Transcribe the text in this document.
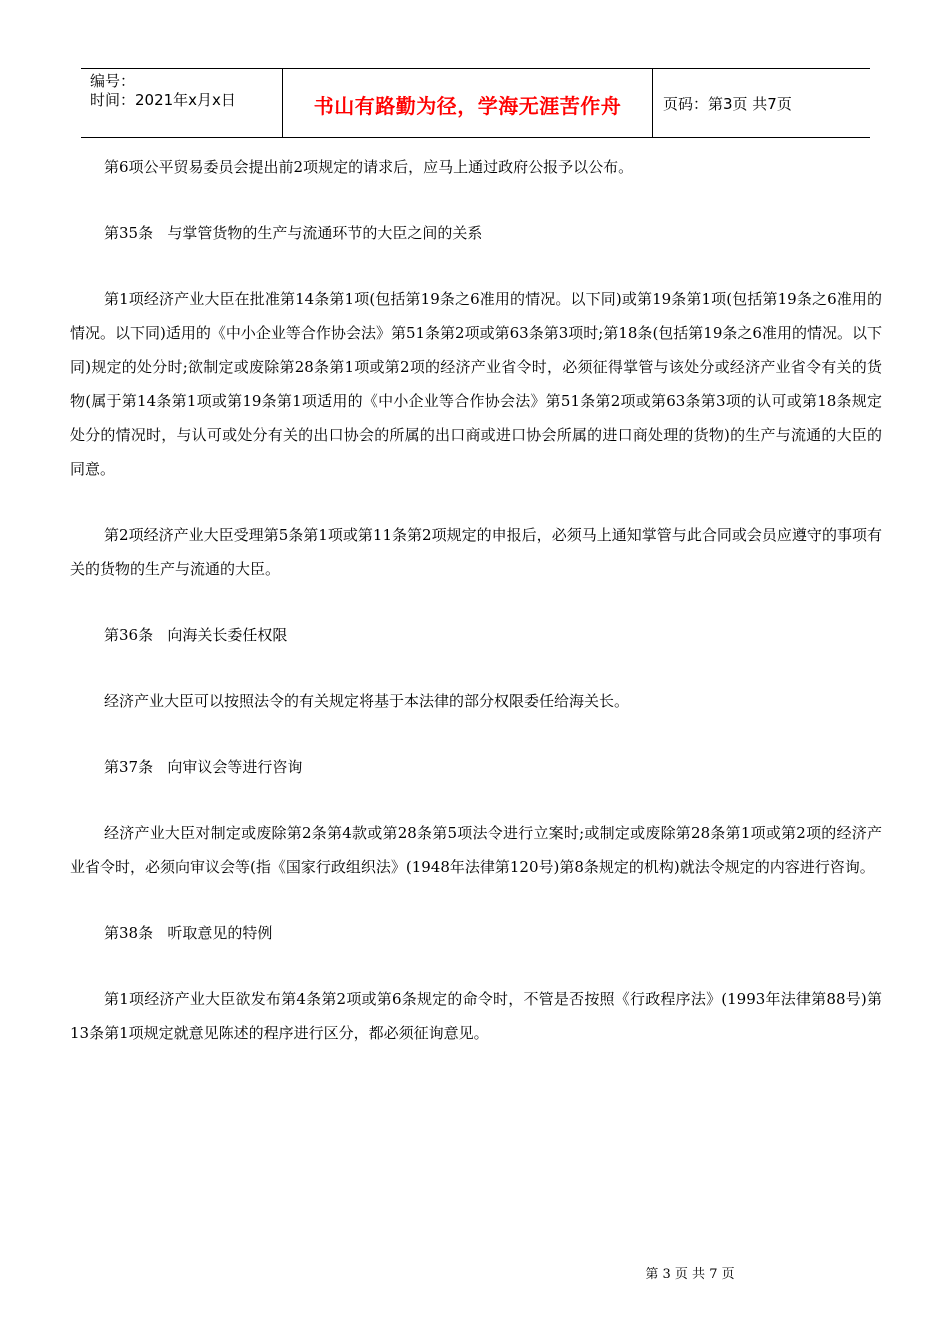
编号：
时间：2021年x月x日	书山有路勤为径，学海无涯苦作舟	页码：第3页 共7页

第6项公平贸易委员会提出前2项规定的请求后，应马上通过政府公报予以公布。

第35条   与掌管货物的生产与流通环节的大臣之间的关系

第1项经济产业大臣在批准第14条第1项(包括第19条之6准用的情况。以下同)或第19条第1项(包括第19条之6准用的情况。以下同)适用的《中小企业等合作协会法》第51条第2项或第63条第3项时;第18条(包括第19条之6准用的情况。以下同)规定的处分时;欲制定或废除第28条第1项或第2项的经济产业省令时，必须征得掌管与该处分或经济产业省令有关的货物(属于第14条第1项或第19条第1项适用的《中小企业等合作协会法》第51条第2项或第63条第3项的认可或第18条规定处分的情况时，与认可或处分有关的出口协会的所属的出口商或进口协会所属的进口商处理的货物)的生产与流通的大臣的同意。

第2项经济产业大臣受理第5条第1项或第11条第2项规定的申报后，必须马上通知掌管与此合同或会员应遵守的事项有关的货物的生产与流通的大臣。

第36条   向海关长委任权限

经济产业大臣可以按照法令的有关规定将基于本法律的部分权限委任给海关长。

第37条   向审议会等进行咨询

经济产业大臣对制定或废除第2条第4款或第28条第5项法令进行立案时;或制定或废除第28条第1项或第2项的经济产业省令时，必须向审议会等(指《国家行政组织法》(1948年法律第120号)第8条规定的机构)就法令规定的内容进行咨询。

第38条   听取意见的特例

第1项经济产业大臣欲发布第4条第2项或第6条规定的命令时，不管是否按照《行政程序法》(1993年法律第88号)第13条第1项规定就意见陈述的程序进行区分，都必须征询意见。

第 3 页 共 7 页
